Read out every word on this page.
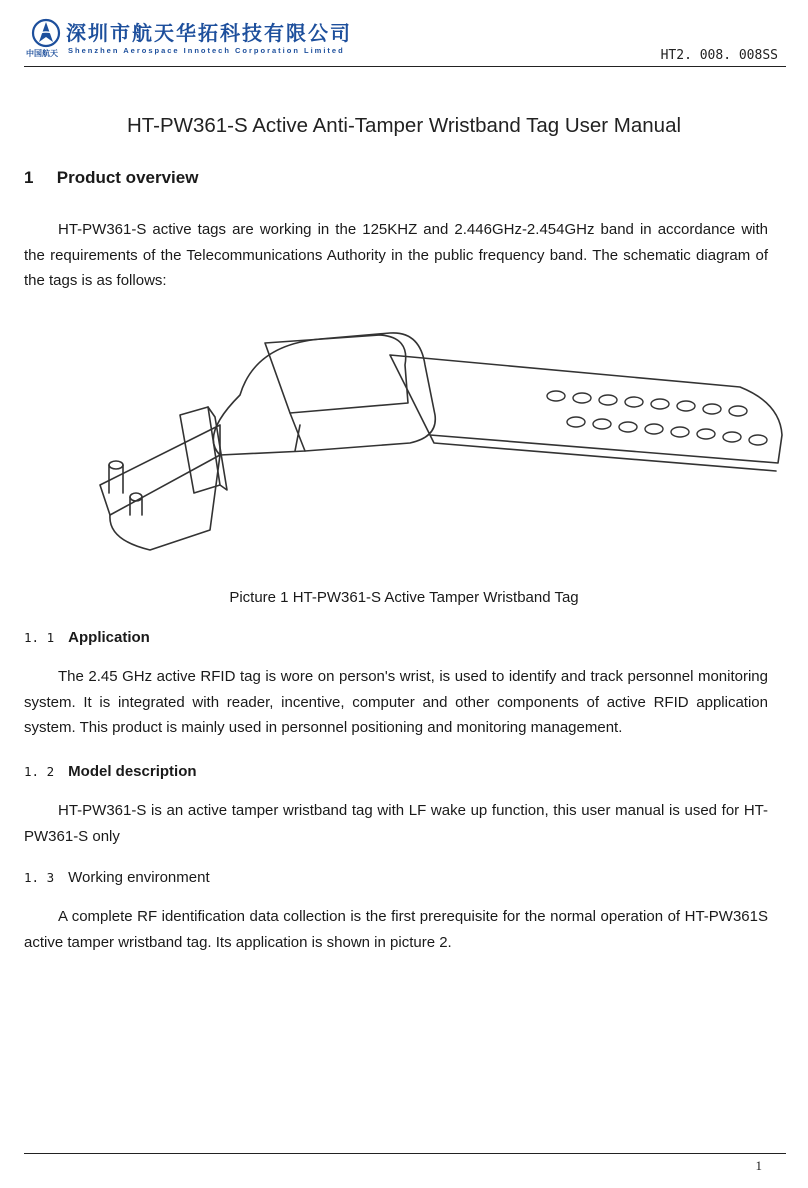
中国航天
深圳市航天华拓科技有限公司
Shenzhen Aerospace Innotech Corporation Limited	HT2. 008. 008SS
HT-PW361-S Active Anti-Tamper Wristband Tag User Manual
1 Product overview

HT-PW361-S active tags are working in the 125KHZ and 2.446GHz-2.454GHz band in accordance with the requirements of the Telecommunications Authority in the public frequency band. The schematic diagram of the tags is as follows:

Picture 1 HT-PW361-S Active Tamper Wristband Tag
1. 1 Application

The 2.45 GHz active RFID tag is wore on person's wrist, is used to identify and track personnel monitoring system. It is integrated with reader, incentive, computer and other components of active RFID application system. This product is mainly used in personnel positioning and monitoring management.

1. 2 Model description

HT-PW361-S is an active tamper wristband tag with LF wake up function, this user manual is used for HT-PW361-S only

1. 3 Working environment

A complete RF identification data collection is the first prerequisite for the normal operation of HT-PW361S active tamper wristband tag. Its application is shown in picture 2.

1
